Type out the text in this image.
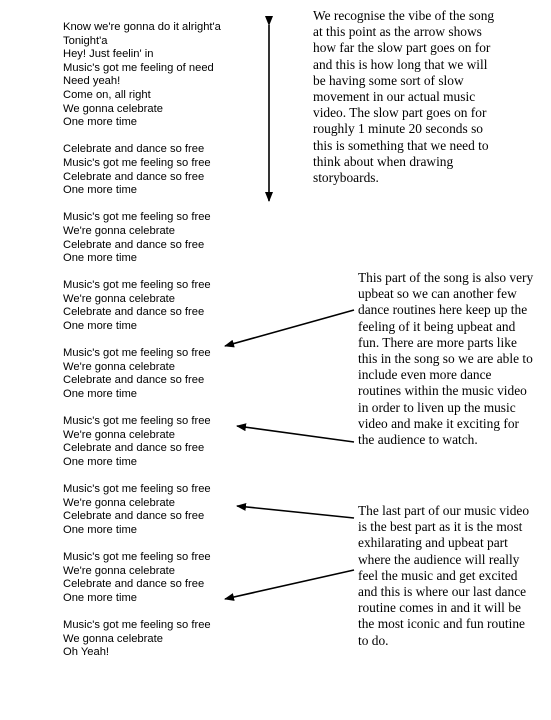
Know we're gonna do it alright'a
Tonight'a
Hey! Just feelin' in
Music's got me feeling of need
Need yeah!
Come on, all right
We gonna celebrate
One more time
Celebrate and dance so free
Music's got me feeling so free
Celebrate and dance so free
One more time
Music's got me feeling so free
We're gonna celebrate
Celebrate and dance so free
One more time
Music's got me feeling so free
We're gonna celebrate
Celebrate and dance so free
One more time
Music's got me feeling so free
We're gonna celebrate
Celebrate and dance so free
One more time
Music's got me feeling so free
We're gonna celebrate
Celebrate and dance so free
One more time
Music's got me feeling so free
We're gonna celebrate
Celebrate and dance so free
One more time
Music's got me feeling so free
We're gonna celebrate
Celebrate and dance so free
One more time
Music's got me feeling so free
We gonna celebrate
Oh Yeah!
We recognise the vibe of the song at this point as the arrow shows how far the slow part goes on for and this is how long that we will be having some sort of slow movement in our actual music video. The slow part goes on for roughly 1 minute 20 seconds so this is something that we need to think about when drawing storyboards.
This part of the song is also very upbeat so we can another few dance routines here keep up the feeling of it being upbeat and fun. There are more parts like this in the song so we are able to include even more dance routines within the music video in order to liven up the music video and make it exciting for the audience to watch.
The last part of our music video is the best part as it is the most exhilarating and upbeat part where the audience will really feel the music and get excited and this is where our last dance routine comes in and it will be the most iconic and fun routine to do.
